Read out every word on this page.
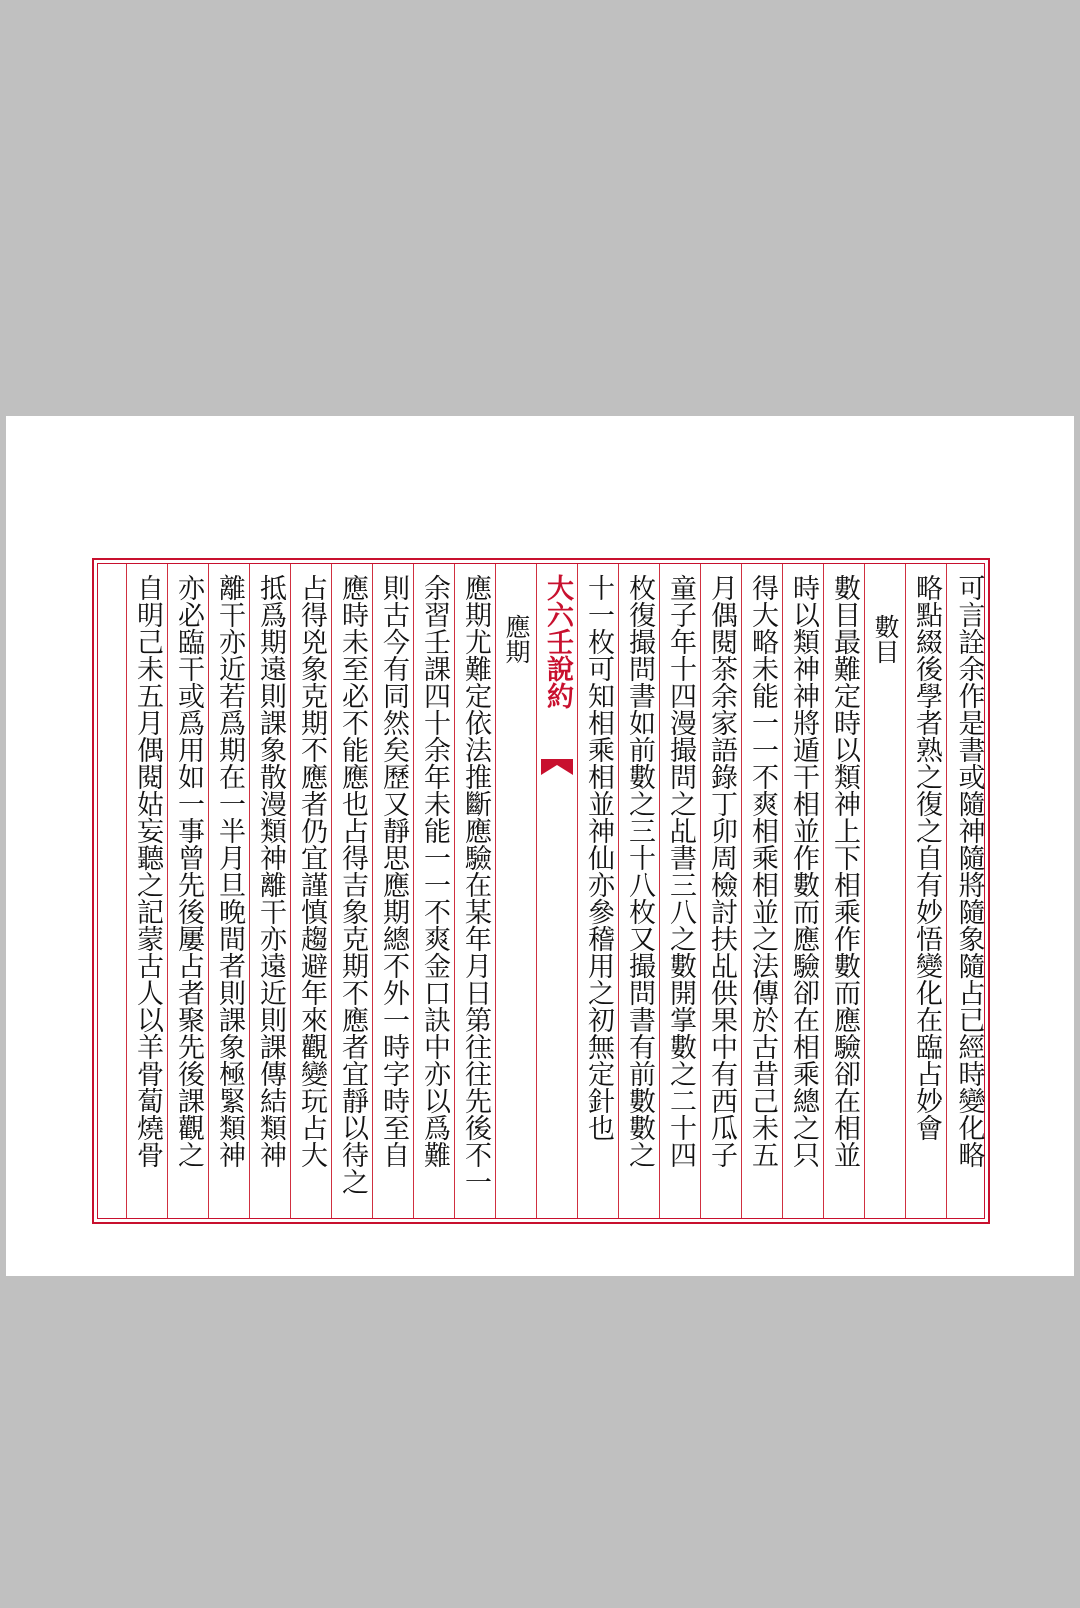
可言詮余作是書或隨神隨將隨象隨占已經時變化略
略點綴後學者熟之復之自有妙悟變化在臨占妙會
數目
數目最難定時以類神上下相乘作數而應驗卻在相並
時以類神神將遁干相並作數而應驗卻在相乘總之只
得大略未能一一不爽相乘相並之法傳於古昔己未五
月偶閱茶余家語錄丁卯周檢討扶乩供果中有西瓜子
童子年十四漫撮問之乩書三八之數開掌數之二十四
枚復撮問書如前數之三十八枚又撮問書有前數數之
十一枚可知相乘相並神仙亦參稽用之初無定針也
大六壬說約
應期
應期尤難定依法推斷應驗在某年月日第往往先後不一
余習壬課四十余年未能一一不爽金口訣中亦以爲難
則古今有同然矣歷又靜思應期總不外一時字時至自
應時未至必不能應也占得吉象克期不應者宜靜以待之
占得兇象克期不應者仍宜謹慎趨避年來觀變玩占大
抵爲期遠則課象散漫類神離干亦遠近則課傳結類神
離干亦近若爲期在一半月旦晚間者則課象極緊類神
亦必臨干或爲用如一事曾先後屢占者聚先後課觀之
自明己未五月偶閱姑妄聽之記蒙古人以羊骨蔔燒骨
